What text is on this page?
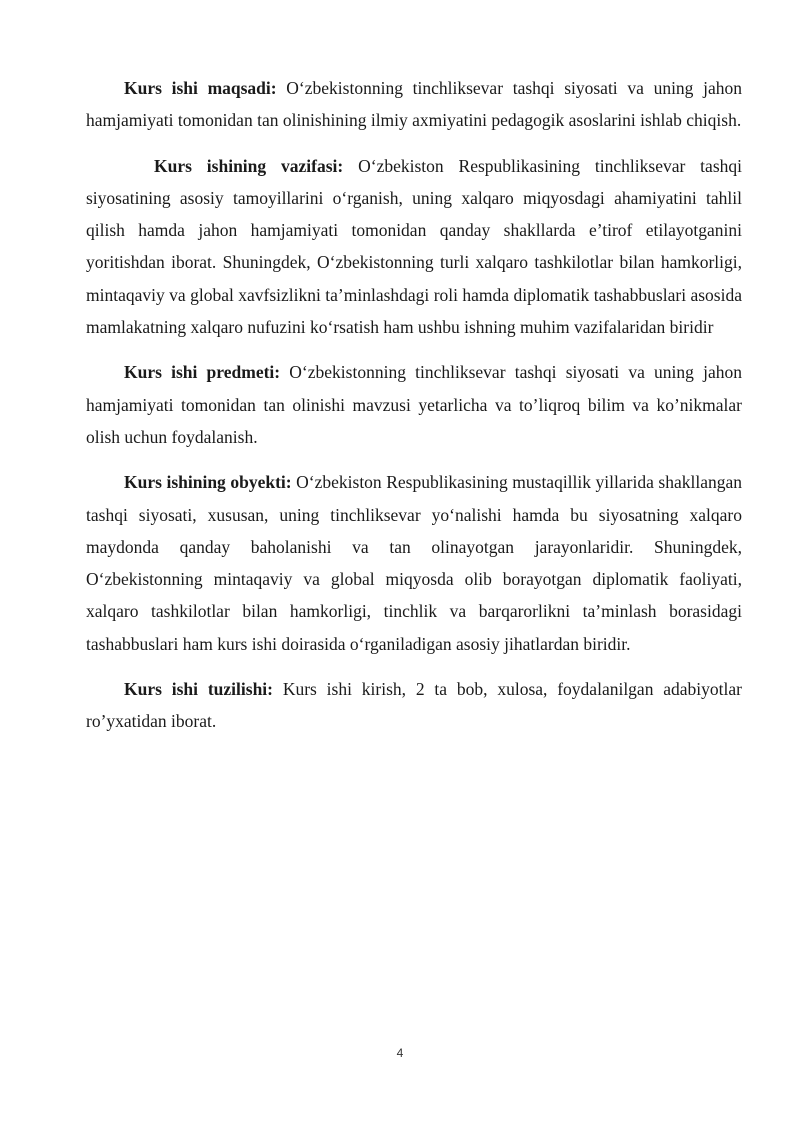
Kurs ishi maqsadi: O‘zbekistonning tinchliksevar tashqi siyosati va uning jahon hamjamiyati tomonidan tan olinishining ilmiy axmiyatini pedagogik asoslarini ishlab chiqish.

Kurs ishining vazifasi: O‘zbekiston Respublikasining tinchliksevar tashqi siyosatining asosiy tamoyillarini o‘rganish, uning xalqaro miqyosdagi ahamiyatini tahlil qilish hamda jahon hamjamiyati tomonidan qanday shakllarda e’tirof etilayotganini yoritishdan iborat. Shuningdek, O‘zbekistonning turli xalqaro tashkilotlar bilan hamkorligi, mintaqaviy va global xavfsizlikni ta’minlashdagi roli hamda diplomatik tashabbuslari asosida mamlakatning xalqaro nufuzini ko‘rsatish ham ushbu ishning muhim vazifalaridan biridir

Kurs ishi predmeti: O‘zbekistonning tinchliksevar tashqi siyosati va uning jahon hamjamiyati tomonidan tan olinishi mavzusi yetarlicha va to’liqroq bilim va ko’nikmalar olish uchun foydalanish.

Kurs ishining obyekti: O‘zbekiston Respublikasining mustaqillik yillarida shakllangan tashqi siyosati, xususan, uning tinchliksevar yo‘nalishi hamda bu siyosatning xalqaro maydonda qanday baholanishi va tan olinayotgan jarayonlaridir. Shuningdek, O‘zbekistonning mintaqaviy va global miqyosda olib borayotgan diplomatik faoliyati, xalqaro tashkilotlar bilan hamkorligi, tinchlik va barqarorlikni ta’minlash borasidagi tashabbuslari ham kurs ishi doirasida o‘rganiladigan asosiy jihatlardan biridir.

Kurs ishi tuzilishi: Kurs ishi kirish, 2 ta bob, xulosa, foydalanilgan adabiyotlar ro’yxatidan iborat.

4
